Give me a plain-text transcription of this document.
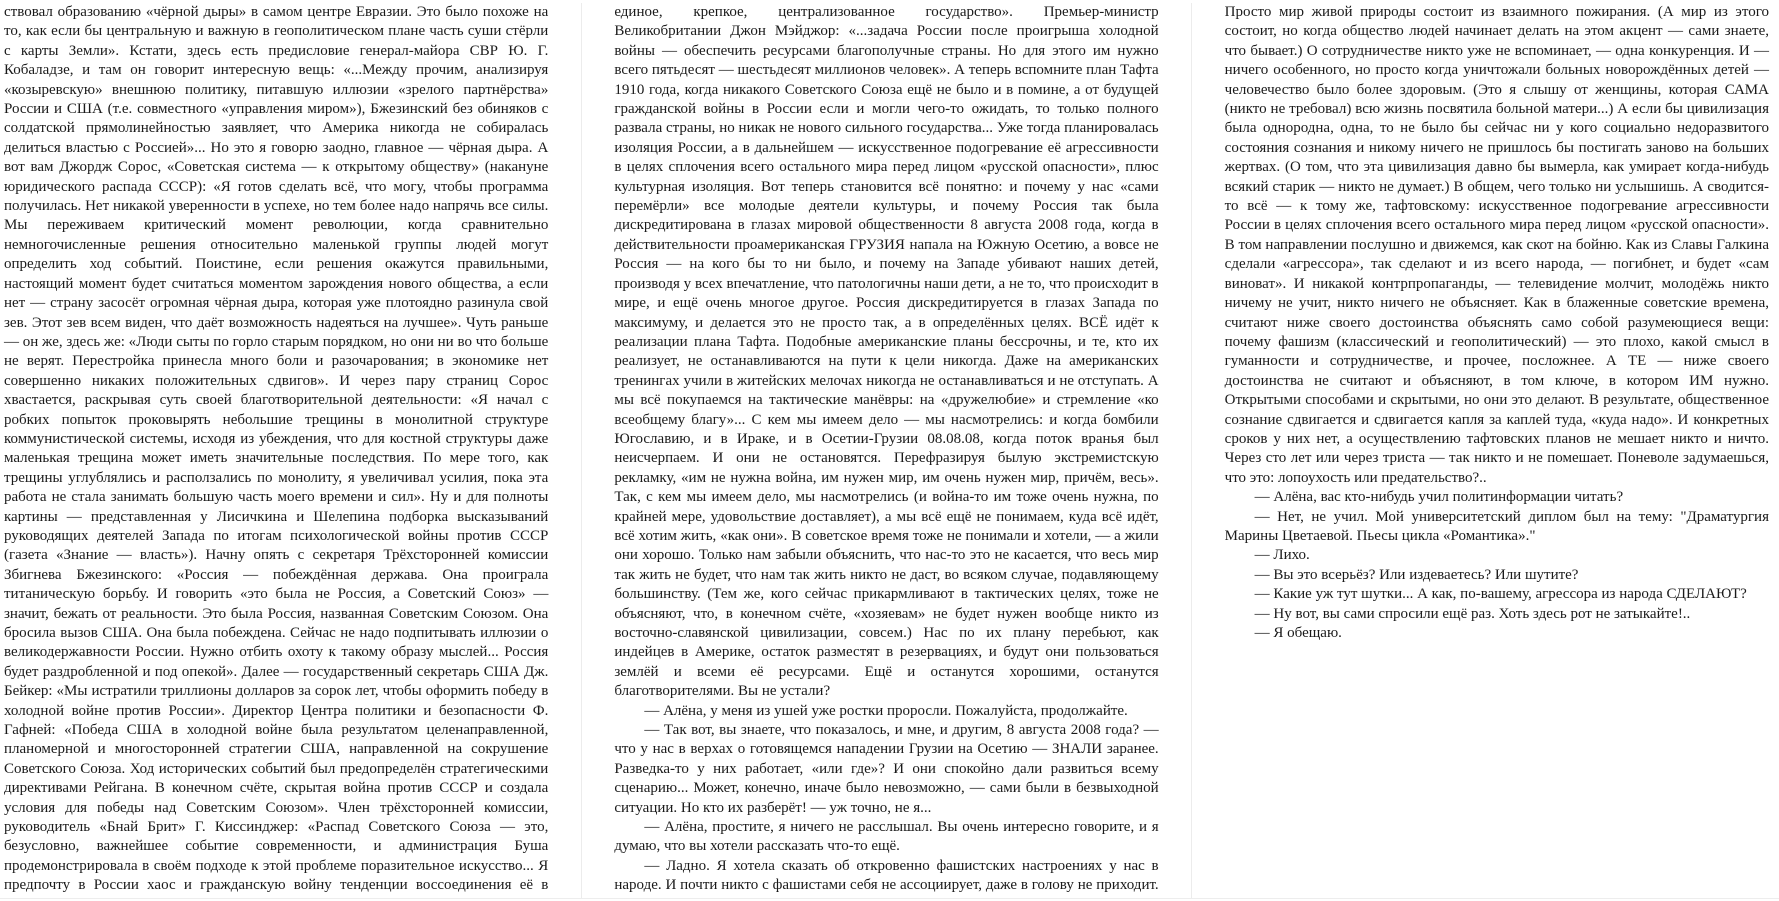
ствовал образованию «чёрной дыры» в самом центре Евразии. Это было похоже на то, как если бы центральную и важную в геополитическом плане часть суши стёрли с карты Земли». Кстати, здесь есть предисловие генерал-майора СВР Ю. Г. Кобаладзе, и там он говорит интересную вещь: «...Между прочим, анализируя «козыревскую» внешнюю политику, питавшую иллюзии «зрелого партнёрства» России и США (т.е. совместного «управления миром»), Бжезинский без обиняков с солдатской прямолинейностью заявляет, что Америка никогда не собиралась делиться властью с Россией»... Но это я говорю заодно, главное — чёрная дыра. А вот вам Джордж Сорос, «Советская система — к открытому обществу» (накануне юридического распада СССР): «Я готов сделать всё, что могу, чтобы программа получилась. Нет никакой уверенности в успехе, но тем более надо напрячь все силы. Мы переживаем критический момент революции, когда сравнительно немногочисленные решения относительно маленькой группы людей могут определить ход событий. Поистине, если решения окажутся правильными, настоящий момент будет считаться моментом зарождения нового общества, а если нет — страну засосёт огромная чёрная дыра, которая уже плотоядно разинула свой зев. Этот зев всем виден, что даёт возможность надеяться на лучшее». Чуть раньше — он же, здесь же: «Люди сыты по горло старым порядком, но они ни во что больше не верят. Перестройка принесла много боли и разочарования; в экономике нет совершенно никаких положительных сдвигов». И через пару страниц Сорос хвастается, раскрывая суть своей благотворительной деятельности: «Я начал с робких попыток проковырять небольшие трещины в монолитной структуре коммунистической системы, исходя из убеждения, что для костной структуры даже маленькая трещина может иметь значительные последствия. По мере того, как трещины углублялись и расползались по монолиту, я увеличивал усилия, пока эта работа не стала занимать большую часть моего времени и сил». Ну и для полноты картины — представленная у Лисичкина и Шелепина подборка высказываний руководящих деятелей Запада по итогам психологической войны против СССР (газета «Знание — власть»). Начну опять с секретаря Трёхсторонней комиссии Збигнева Бжезинского: «Россия — побеждённая держава. Она проиграла титаническую борьбу. И говорить «это была не Россия, а Советский Союз» — значит, бежать от реальности. Это была Россия, названная Советским Союзом. Она бросила вызов США. Она была побеждена. Сейчас не надо подпитывать иллюзии о великодержавности России. Нужно отбить охоту к такому образу мыслей... Россия будет раздробленной и под опекой». Далее — государственный секретарь США Дж. Бейкер: «Мы истратили триллионы долларов за сорок лет, чтобы оформить победу в холодной войне против России». Директор Центра политики и безопасности Ф. Гафней: «Победа США в холодной войне была результатом целенаправленной, планомерной и многосторонней стратегии США, направленной на сокрушение Советского Союза. Ход исторических событий был предопределён стратегическими директивами Рейгана. В конечном счёте, скрытая война против СССР и создала условия для победы над Советским Союзом». Член трёхсторонней комиссии, руководитель «Бнай Брит» Г. Киссинджер: «Распад Советского Союза — это, безусловно, важнейшее событие современности, и администрация Буша продемонстрировала в своём подходе к этой проблеме поразительное искусство... Я предпочту в России хаос и гражданскую войну тенденции воссоединения её в единое, крепкое, централизованное государство». Премьер-министр Великобритании Джон Мэйджор: «...задача России после проигрыша холодной войны — обеспечить ресурсами благополучные страны. Но для этого им нужно всего пятьдесят — шестьдесят миллионов человек». А теперь вспомните план Тафта 1910 года, когда никакого Советского Союза ещё не было и в помине, а от будущей гражданской войны в России если и могли чего-то ожидать, то только полного развала страны, но никак не нового сильного государства... Уже тогда планировалась изоляция России, а в дальнейшем — искусственное подогревание её агрессивности в целях сплочения всего остального мира перед лицом «русской опасности», плюс культурная изоляция. Вот теперь становится всё понятно: и почему у нас «сами перемёрли» все молодые деятели культуры, и почему Россия так была дискредитирована в глазах мировой общественности 8 августа 2008 года, когда в действительности проамериканская ГРУЗИЯ напала на Южную Осетию, а вовсе не Россия — на кого бы то ни было, и почему на Западе убивают наших детей, производя у всех впечатление, что патологичны наши дети, а не то, что происходит в мире, и ещё очень многое другое. Россия дискредитируется в глазах Запада по максимуму, и делается это не просто так, а в определённых целях. ВСЁ идёт к реализации плана Тафта. Подобные американские планы бессрочны, и те, кто их реализует, не останавливаются на пути к цели никогда. Даже на американских тренингах учили в житейских мелочах никогда не останавливаться и не отступать. А мы всё покупаемся на тактические манёвры: на «дружелюбие» и стремление «ко всеобщему благу»... С кем мы имеем дело — мы насмотрелись: и когда бомбили Югославию, и в Ираке, и в Осетии-Грузии 08.08.08, когда поток вранья был неисчерпаем. И они не остановятся. Перефразируя былую экстремистскую рекламку, «им не нужна война, им нужен мир, им очень нужен мир, причём, весь». Так, с кем мы имеем дело, мы насмотрелись (и война-то им тоже очень нужна, по крайней мере, удовольствие доставляет), а мы всё ещё не понимаем, куда всё идёт, всё хотим жить, «как они». В советское время тоже не понимали и хотели, — а жили они хорошо. Только нам забыли объяснить, что нас-то это не касается, что весь мир так жить не будет, что нам так жить никто не даст, во всяком случае, подавляющему большинству. (Тем же, кого сейчас прикармливают в тактических целях, тоже не объясняют, что, в конечном счёте, «хозяевам» не будет нужен вообще никто из восточно-славянской цивилизации, совсем.) Нас по их плану перебьют, как индейцев в Америке, остаток разместят в резервациях, и будут они пользоваться землёй и всеми её ресурсами. Ещё и останутся хорошими, останутся благотворителями. Вы не устали?

— Алёна, у меня из ушей уже ростки проросли. Пожалуйста, продолжайте.

— Так вот, вы знаете, что показалось, и мне, и другим, 8 августа 2008 года? — что у нас в верхах о готовящемся нападении Грузии на Осетию — ЗНАЛИ заранее. Разведка-то у них работает, «или где»? И они спокойно дали развиться всему сценарию... Может, конечно, иначе было невозможно, — сами были в безвыходной ситуации. Но кто их разберёт! — уж точно, не я...

— Алёна, простите, я ничего не расслышал. Вы очень интересно говорите, и я думаю, что вы хотели рассказать что-то ещё.

— Ладно. Я хотела сказать об откровенно фашистских настроениях у нас в народе. И почти никто с фашистами себя не ассоциирует, даже в голову не приходит. Просто мир живой природы состоит из взаимного пожирания. (А мир из этого состоит, но когда общество людей начинает делать на этом акцент — сами знаете, что бывает.) О сотрудничестве никто уже не вспоминает, — одна конкуренция. И — ничего особенного, но просто когда уничтожали больных новорождённых детей — человечество было более здоровым. (Это я слышу от женщины, которая САМА (никто не требовал) всю жизнь посвятила больной матери...) А если бы цивилизация была однородна, одна, то не было бы сейчас ни у кого социально недоразвитого состояния сознания и никому ничего не пришлось бы постигать заново на больших жертвах. (О том, что эта цивилизация давно бы вымерла, как умирает когда-нибудь всякий старик — никто не думает.) В общем, чего только ни услышишь. А сводится-то всё — к тому же, тафтовскому: искусственное подогревание агрессивности России в целях сплочения всего остального мира перед лицом «русской опасности». В том направлении послушно и движемся, как скот на бойню. Как из Славы Галкина сделали «агрессора», так сделают и из всего народа, — погибнет, и будет «сам виноват». И никакой контрпропаганды, — телевидение молчит, молодёжь никто ничему не учит, никто ничего не объясняет. Как в блаженные советские времена, считают ниже своего достоинства объяснять само собой разумеющиеся вещи: почему фашизм (классический и геополитический) — это плохо, какой смысл в гуманности и сотрудничестве, и прочее, посложнее. А ТЕ — ниже своего достоинства не считают и объясняют, в том ключе, в котором ИМ нужно. Открытыми способами и скрытыми, но они это делают. В результате, общественное сознание сдвигается и сдвигается капля за каплей туда, «куда надо». И конкретных сроков у них нет, а осуществлению тафтовских планов не мешает никто и ничто. Через сто лет или через триста — так никто и не помешает. Поневоле задумаешься, что это: лопоухость или предательство?..

— Алёна, вас кто-нибудь учил политинформации читать?

— Нет, не учил. Мой университетский диплом был на тему: "Драматургия Марины Цветаевой. Пьесы цикла «Романтика»."

— Лихо.

— Вы это всерьёз? Или издеваетесь? Или шутите?

— Какие уж тут шутки... А как, по-вашему, агрессора из народа СДЕЛАЮТ?

— Ну вот, вы сами спросили ещё раз. Хоть здесь рот не затыкайте!..

— Я обещаю.
